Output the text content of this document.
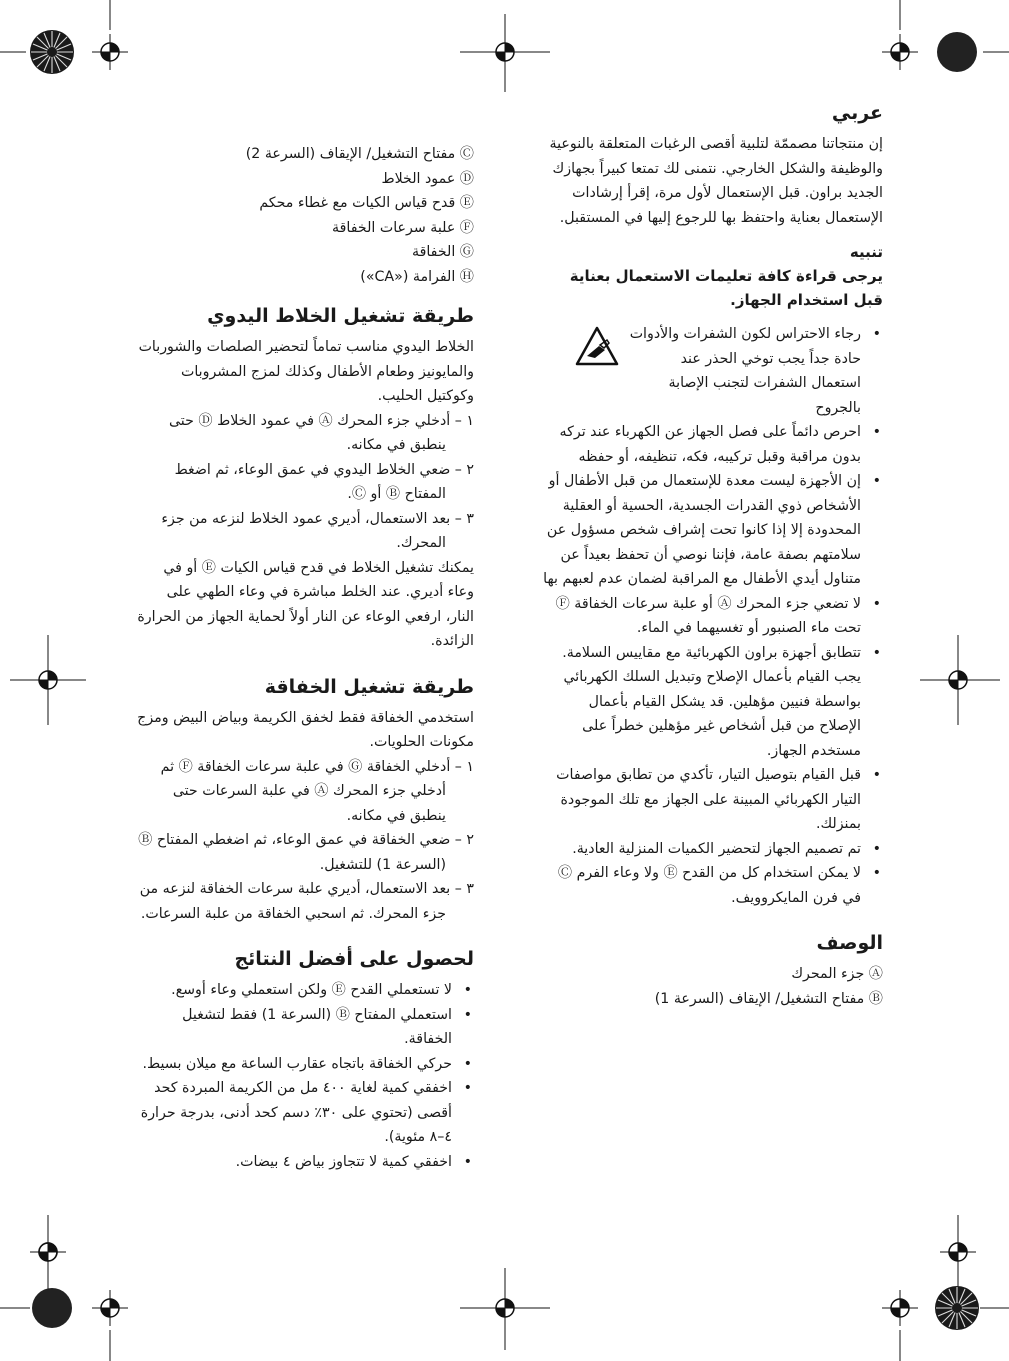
عربي

إن منتجاتنا مصممّة لتلبية أقصى الرغبات المتعلقة بالنوعية والوظيفة والشكل الخارجي. نتمنى لك تمتعا كبيراً بجهازك الجديد براون. قبل الإستعمال لأول مرة، إقرأ إرشادات الإستعمال بعناية واحتفظ بها للرجوع إليها في المستقبل.

تنبيه
يرجى قراءة كافة تعليمات الاستعمال بعناية قبل استخدام الجهاز.
• رجاء الاحتراس لكون الشفرات والأدوات حادة جداً يجب توخي الحذر عند استعمال الشفرات لتجنب الإصابة بالجروح
• احرص دائماً على فصل الجهاز عن الكهرباء عند تركه بدون مراقبة وقبل تركيبه، فكه، تنظيفه، أو حفظه
• إن الأجهزة ليست معدة للإستعمال من قبل الأطفال أو الأشخاص ذوي القدرات الجسدية، الحسية أو العقلية المحدودة إلا إذا كانوا تحت إشراف شخص مسؤول عن سلامتهم بصفة عامة، فإننا نوصي أن تحفظ بعيداً عن متناول أيدي الأطفال مع المراقبة لضمان عدم لعبهم بها
• لا تضعي جزء المحرك Ⓐ أو علبة سرعات الخفاقة Ⓕ تحت ماء الصنبور أو تغسيهما في الماء.
• تتطابق أجهزة براون الكهربائية مع مقاييس السلامة. يجب القيام بأعمال الإصلاح وتبديل السلك الكهربائي بواسطة فنيين مؤهلين. قد يشكل القيام بأعمال الإصلاح من قبل أشخاص غير مؤهلين خطراً على مستخدم الجهاز.
• قبل القيام بتوصيل التيار، تأكدي من تطابق مواصفات التيار الكهربائي المبينة على الجهاز مع تلك الموجودة بمنزلك.
• تم تصميم الجهاز لتحضير الكميات المنزلية العادية.
• لا يمكن استخدام كل من القدح Ⓔ ولا وعاء الفرم Ⓒ في فرن المايكروويف.
الوصف
Ⓐ جزء المحرك
Ⓑ مفتاح التشغيل/ الإيقاف (السرعة 1)
Ⓒ مفتاح التشغيل/ الإيقاف (السرعة 2)
Ⓓ عمود الخلاط
Ⓔ قدح قياس الكيات مع غطاء محكم
Ⓕ علبة سرعات الخفاقة
Ⓖ الخفاقة
Ⓗ الفرامة («CA»)
طريقة تشغيل الخلاط اليدوي

الخلاط اليدوي مناسب تماماً لتحضير الصلصات والشوربات والمايونيز وطعام الأطفال وكذلك لمزج المشروبات وكوكتيل الحليب.

١ – أدخلي جزء المحرك Ⓐ في عمود الخلاط Ⓓ حتى ينطبق في مكانه.
٢ – ضعي الخلاط اليدوي في عمق الوعاء، ثم اضغط المفتاح Ⓑ أو Ⓒ.
٣ – بعد الاستعمال، أديري عمود الخلاط لنزعه من جزء المحرك.

يمكنك تشغيل الخلاط في قدح قياس الكيات Ⓔ أو في وعاء أديري. عند الخلط مباشرة في وعاء الطهي على النار، ارفعي الوعاء عن النار أولاً لحماية الجهاز من الحرارة الزائدة.

طريقة تشغيل الخفاقة

استخدمي الخفاقة فقط لخفق الكريمة وبياض البيض ومزج مكونات الحلويات.

١ – أدخلي الخفاقة Ⓖ في علبة سرعات الخفاقة Ⓕ ثم أدخلي جزء المحرك Ⓐ في علبة السرعات حتى ينطبق في مكانه.
٢ – ضعي الخفاقة في عمق الوعاء، ثم اضغطي المفتاح Ⓑ (السرعة 1) للتشغيل.
٣ – بعد الاستعمال، أديري علبة سرعات الخفاقة لنزعه من جزء المحرك. ثم اسحبي الخفاقة من علبة السرعات.
لحصول على أفضل النتائج
• لا تستعملي القدح Ⓔ ولكن استعملي وعاء أوسع.
• استعملي المفتاح Ⓑ (السرعة 1) فقط لتشغيل الخفاقة.
• حركي الخفاقة باتجاه عقارب الساعة مع ميلان بسيط.
• اخفقي كمية لغاية ٤٠٠ مل من الكريمة المبردة كحد أقصى (تحتوي على ٣٠٪ دسم كحد أدنى، بدرجة حرارة ٤–٨ مئوية).
• اخفقي كمية لا تتجاوز بياض ٤ بيضات.
